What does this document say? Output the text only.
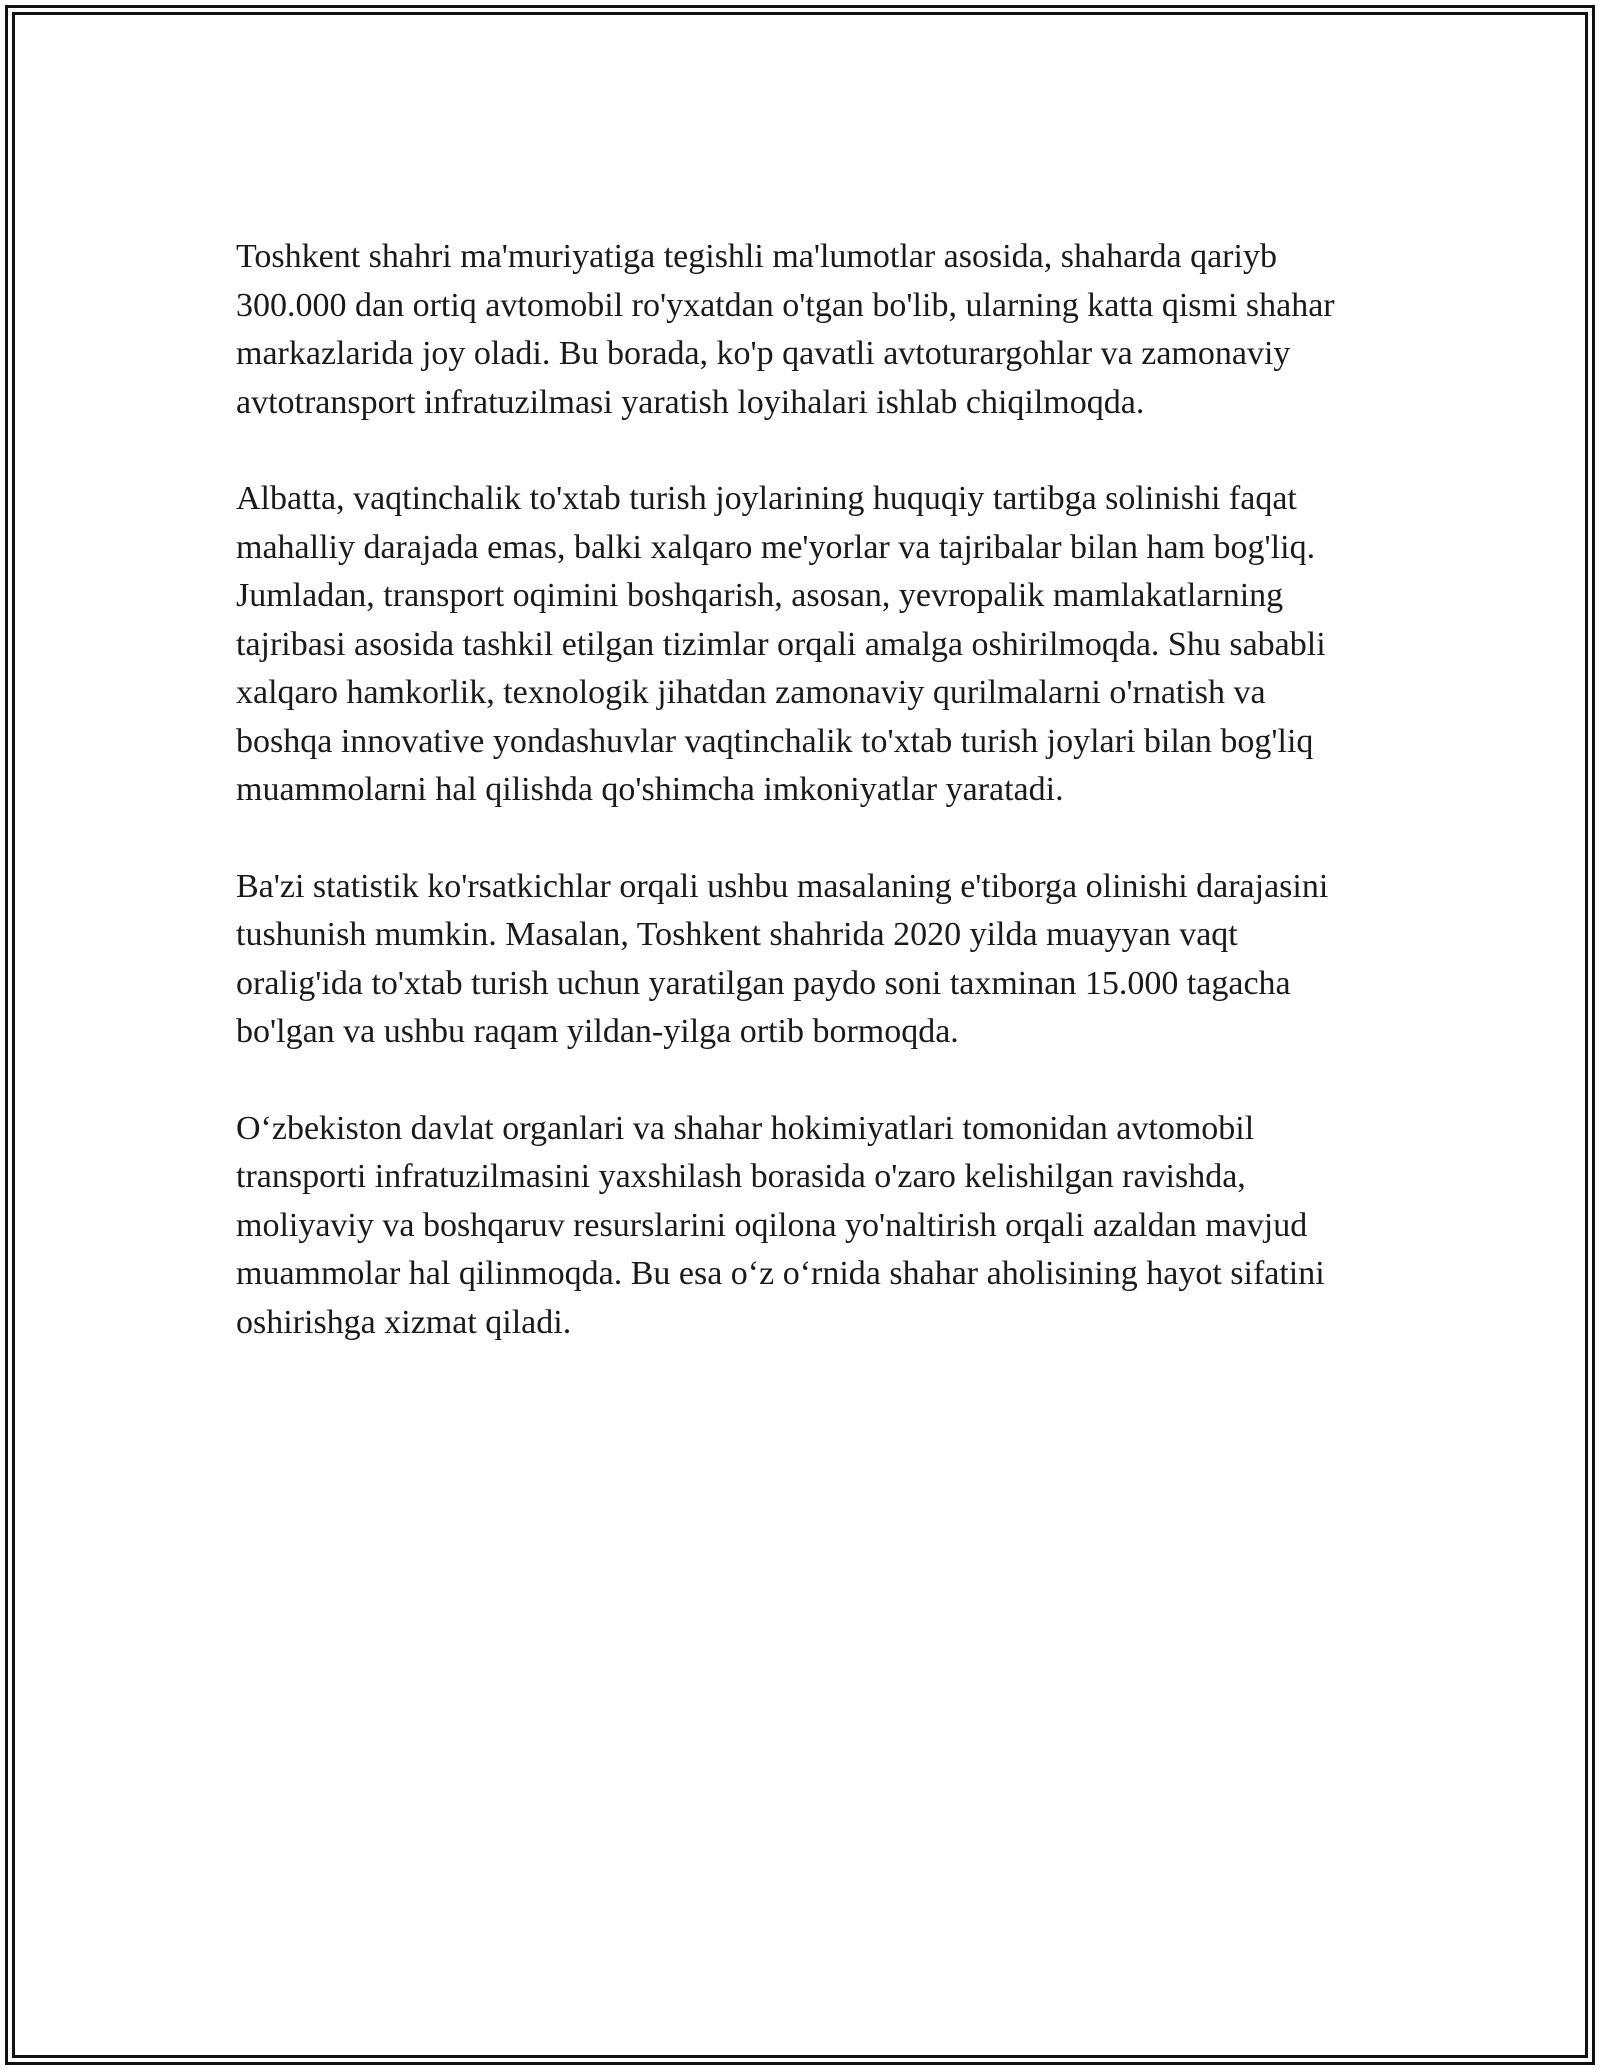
Toshkent shahri ma'muriyatiga tegishli ma'lumotlar asosida, shaharda qariyb 300.000 dan ortiq avtomobil ro'yxatdan o'tgan bo'lib, ularning katta qismi shahar markazlarida joy oladi. Bu borada, ko'p qavatli avtoturargohlar va zamonaviy avtotransport infratuzilmasi yaratish loyihalari ishlab chiqilmoqda.

Albatta, vaqtinchalik to'xtab turish joylarining huquqiy tartibga solinishi faqat mahalliy darajada emas, balki xalqaro me'yorlar va tajribalar bilan ham bog'liq. Jumladan, transport oqimini boshqarish, asosan, yevropalik mamlakatlarning tajribasi asosida tashkil etilgan tizimlar orqali amalga oshirilmoqda. Shu sababli xalqaro hamkorlik, texnologik jihatdan zamonaviy qurilmalarni o'rnatish va boshqa innovative yondashuvlar vaqtinchalik to'xtab turish joylari bilan bog'liq muammolarni hal qilishda qo'shimcha imkoniyatlar yaratadi.

Ba'zi statistik ko'rsatkichlar orqali ushbu masalaning e'tiborga olinishi darajasini tushunish mumkin. Masalan, Toshkent shahrida 2020 yilda muayyan vaqt oralig'ida to'xtab turish uchun yaratilgan paydo soni taxminan 15.000 tagacha bo'lgan va ushbu raqam yildan-yilga ortib bormoqda.

O‘zbekiston davlat organlari va shahar hokimiyatlari tomonidan avtomobil transporti infratuzilmasini yaxshilash borasida o'zaro kelishilgan ravishda, moliyaviy va boshqaruv resurslarini oqilona yo'naltirish orqali azaldan mavjud muammolar hal qilinmoqda. Bu esa o‘z o‘rnida shahar aholisining hayot sifatini oshirishga xizmat qiladi.
